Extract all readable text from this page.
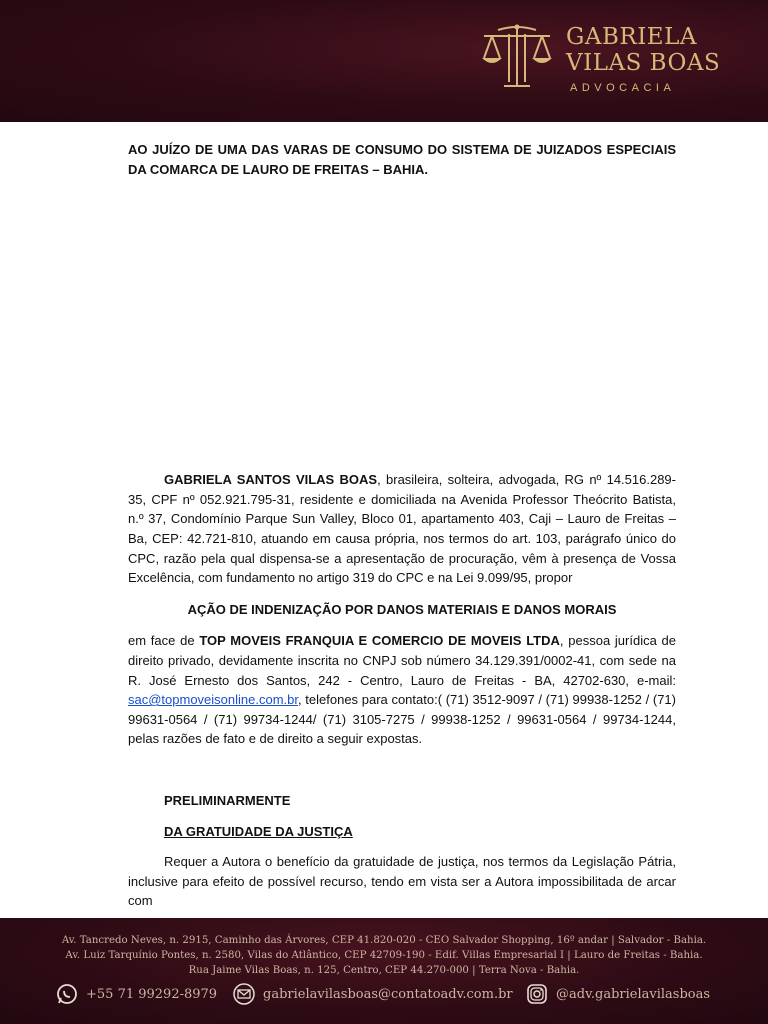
GABRIELA
VILAS BOAS
ADVOCACIA

AO JUÍZO DE UMA DAS VARAS DE CONSUMO DO SISTEMA DE JUIZADOS ESPECIAIS DA COMARCA DE LAURO DE FREITAS – BAHIA.

GABRIELA SANTOS VILAS BOAS, brasileira, solteira, advogada, RG nº 14.516.289-35, CPF nº 052.921.795-31, residente e domiciliada na Avenida Professor Theócrito Batista, n.º 37, Condomínio Parque Sun Valley, Bloco 01, apartamento 403, Caji – Lauro de Freitas – Ba, CEP: 42.721-810, atuando em causa própria, nos termos do art. 103, parágrafo único do CPC, razão pela qual dispensa-se a apresentação de procuração, vêm à presença de Vossa Excelência, com fundamento no artigo 319 do CPC e na Lei 9.099/95, propor

AÇÃO DE INDENIZAÇÃO POR DANOS MATERIAIS E DANOS MORAIS

em face de TOP MOVEIS FRANQUIA E COMERCIO DE MOVEIS LTDA, pessoa jurídica de direito privado, devidamente inscrita no CNPJ sob número 34.129.391/0002-41, com sede na R. José Ernesto dos Santos, 242 - Centro, Lauro de Freitas - BA, 42702-630, e-mail: sac@topmoveisonline.com.br, telefones para contato:( (71) 3512-9097 / (71) 99938-1252 / (71) 99631-0564 / (71) 99734-1244/ (71) 3105-7275 / 99938-1252 / 99631-0564 / 99734-1244, pelas razões de fato e de direito a seguir expostas.

PRELIMINARMENTE

DA GRATUIDADE DA JUSTIÇA

Requer a Autora o benefício da gratuidade de justiça, nos termos da Legislação Pátria, inclusive para efeito de possível recurso, tendo em vista ser a Autora impossibilitada de arcar com

Av. Tancredo Neves, n. 2915, Caminho das Árvores, CEP 41.820-020 - CEO Salvador Shopping, 16º andar | Salvador - Bahia.
Av. Luiz Tarquínio Pontes, n. 2580, Vilas do Atlântico, CEP 42709-190 - Edif. Villas Empresarial I | Lauro de Freitas - Bahia.
Rua Jaime Vilas Boas, n. 125, Centro, CEP 44.270-000 | Terra Nova - Bahia.
+55 71 99292-8979	gabrielavilasboas@contatoadv.com.br	@adv.gabrielavilasboas
